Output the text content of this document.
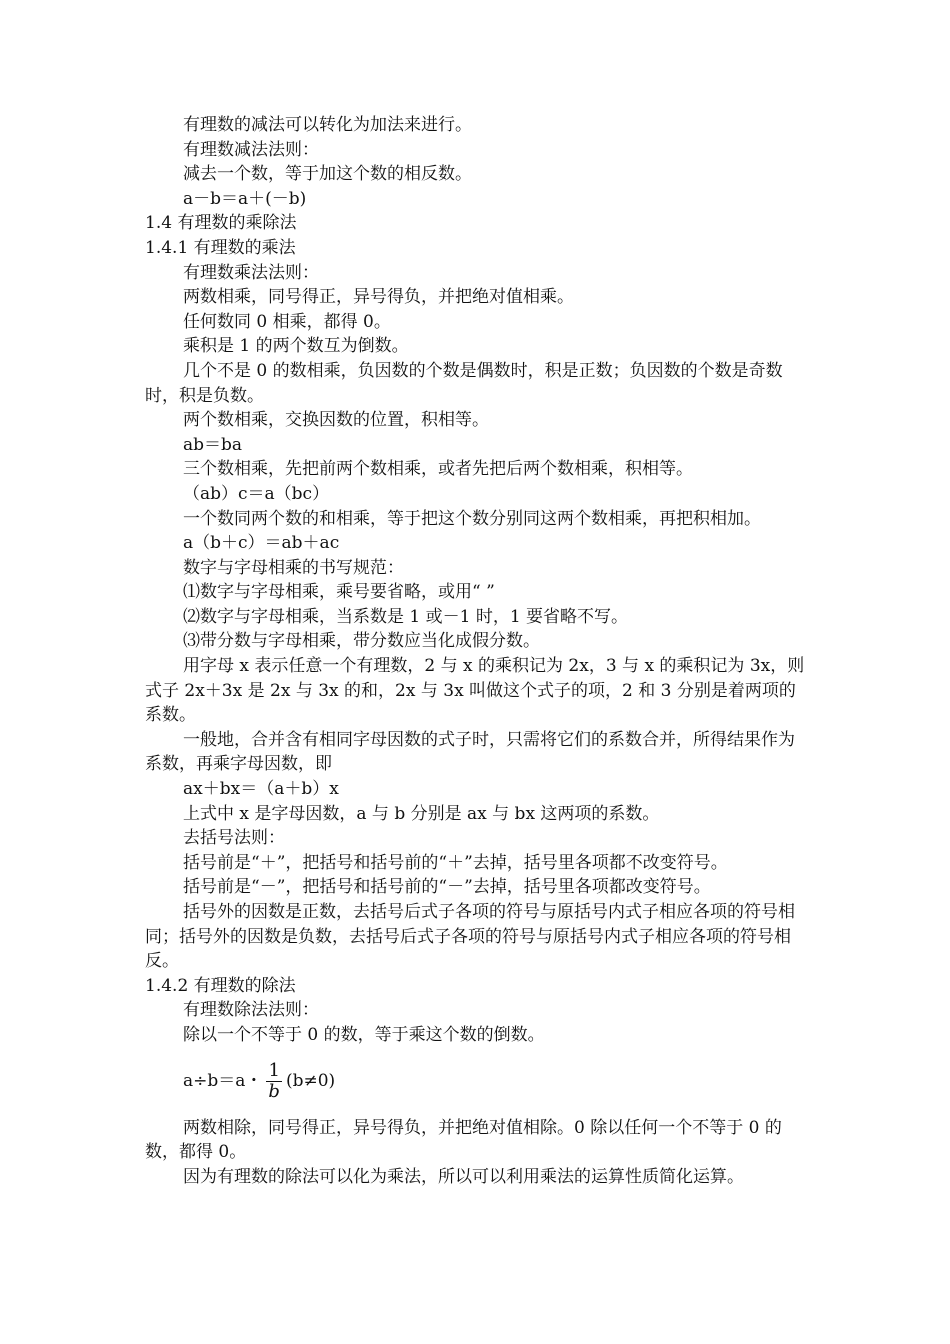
有理数的减法可以转化为加法来进行。
有理数减法法则：
减去一个数，等于加这个数的相反数。
a－b＝a＋(－b)
1.4 有理数的乘除法
1.4.1 有理数的乘法
有理数乘法法则：
两数相乘，同号得正，异号得负，并把绝对值相乘。
任何数同 0 相乘，都得 0。
乘积是 1 的两个数互为倒数。
几个不是 0 的数相乘，负因数的个数是偶数时，积是正数；负因数的个数是奇数时，积是负数。
两个数相乘，交换因数的位置，积相等。
ab＝ba
三个数相乘，先把前两个数相乘，或者先把后两个数相乘，积相等。
（ab）c＝a（bc）
一个数同两个数的和相乘，等于把这个数分别同这两个数相乘，再把积相加。
a（b＋c）＝ab＋ac
数字与字母相乘的书写规范：
⑴数字与字母相乘，乘号要省略，或用“ ”
⑵数字与字母相乘，当系数是 1 或－1 时，1 要省略不写。
⑶带分数与字母相乘，带分数应当化成假分数。
用字母 x 表示任意一个有理数，2 与 x 的乘积记为 2x，3 与 x 的乘积记为 3x，则式子 2x＋3x 是 2x 与 3x 的和，2x 与 3x 叫做这个式子的项，2 和 3 分别是着两项的系数。
一般地，合并含有相同字母因数的式子时，只需将它们的系数合并，所得结果作为系数，再乘字母因数，即
ax＋bx＝（a＋b）x
上式中 x 是字母因数，a 与 b 分别是 ax 与 bx 这两项的系数。
去括号法则：
括号前是“＋”，把括号和括号前的“＋”去掉，括号里各项都不改变符号。
括号前是“－”，把括号和括号前的“－”去掉，括号里各项都改变符号。
括号外的因数是正数，去括号后式子各项的符号与原括号内式子相应各项的符号相同；括号外的因数是负数，去括号后式子各项的符号与原括号内式子相应各项的符号相反。
1.4.2 有理数的除法
有理数除法法则：
除以一个不等于 0 的数，等于乘这个数的倒数。
a÷b＝a・ $\frac{1}{b} (b\ne 0)$
两数相除，同号得正，异号得负，并把绝对值相除。0 除以任何一个不等于 0 的数，都得 0。
因为有理数的除法可以化为乘法，所以可以利用乘法的运算性质简化运算。
